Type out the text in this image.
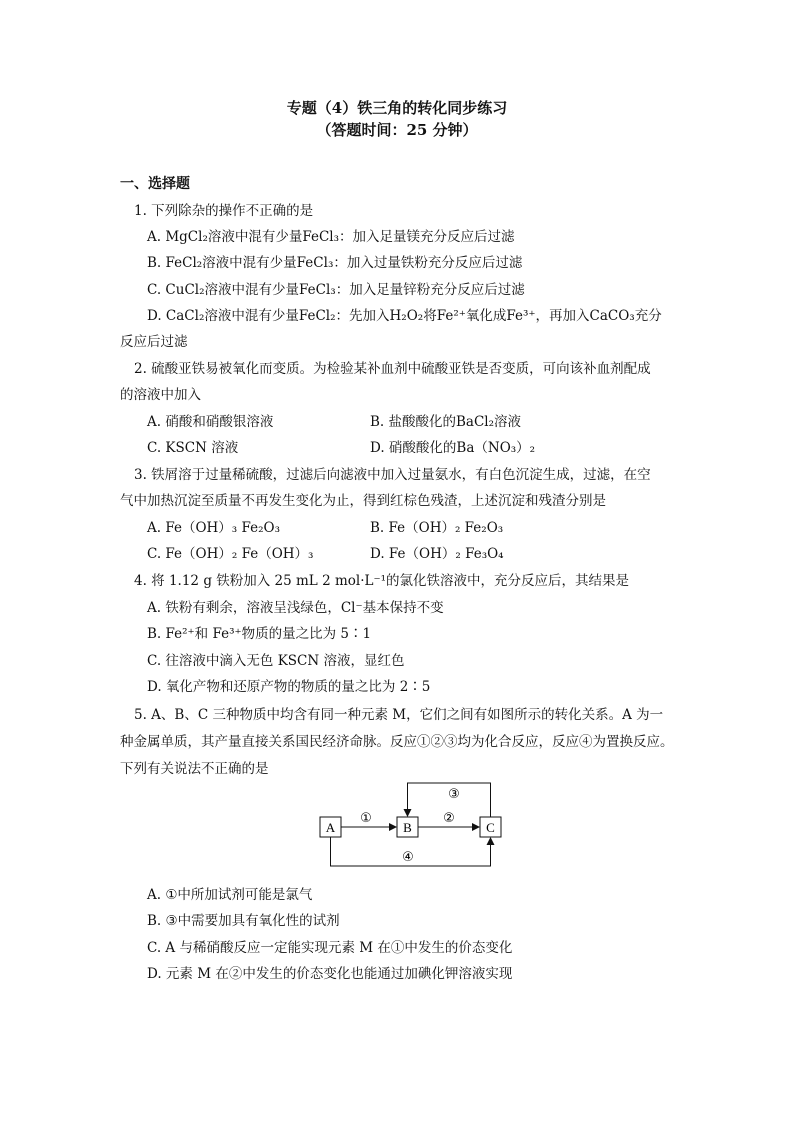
专题（4）铁三角的转化同步练习
（答题时间：25 分钟）
一、选择题
1. 下列除杂的操作不正确的是
A. MgCl₂溶液中混有少量FeCl₃：加入足量镁充分反应后过滤
B. FeCl₂溶液中混有少量FeCl₃：加入过量铁粉充分反应后过滤
C. CuCl₂溶液中混有少量FeCl₃：加入足量锌粉充分反应后过滤
D. CaCl₂溶液中混有少量FeCl₂：先加入H₂O₂将Fe²⁺氧化成Fe³⁺，再加入CaCO₃充分
反应后过滤
2. 硫酸亚铁易被氧化而变质。为检验某补血剂中硫酸亚铁是否变质，可向该补血剂配成
的溶液中加入
A. 硝酸和硝酸银溶液	B. 盐酸酸化的BaCl₂溶液
C. KSCN 溶液	D. 硝酸酸化的Ba（NO₃）₂
3. 铁屑溶于过量稀硫酸，过滤后向滤液中加入过量氨水，有白色沉淀生成，过滤，在空
气中加热沉淀至质量不再发生变化为止，得到红棕色残渣，上述沉淀和残渣分别是
A. Fe（OH）₃ Fe₂O₃	B. Fe（OH）₂ Fe₂O₃
C. Fe（OH）₂ Fe（OH）₃	D. Fe（OH）₂ Fe₃O₄
4. 将 1.12 g 铁粉加入 25 mL 2 mol·L⁻¹的氯化铁溶液中，充分反应后，其结果是
A. 铁粉有剩余，溶液呈浅绿色，Cl⁻基本保持不变
B. Fe²⁺和 Fe³⁺物质的量之比为 5∶1
C. 往溶液中滴入无色 KSCN 溶液，显红色
D. 氧化产物和还原产物的物质的量之比为 2∶5
5. A、B、C 三种物质中均含有同一种元素 M，它们之间有如图所示的转化关系。A 为一
种金属单质，其产量直接关系国民经济命脉。反应①②③均为化合反应，反应④为置换反应。
下列有关说法不正确的是
A	B	C
①	②
③
④
A. ①中所加试剂可能是氯气
B. ③中需要加具有氧化性的试剂
C. A 与稀硝酸反应一定能实现元素 M 在①中发生的价态变化
D. 元素 M 在②中发生的价态变化也能通过加碘化钾溶液实现
